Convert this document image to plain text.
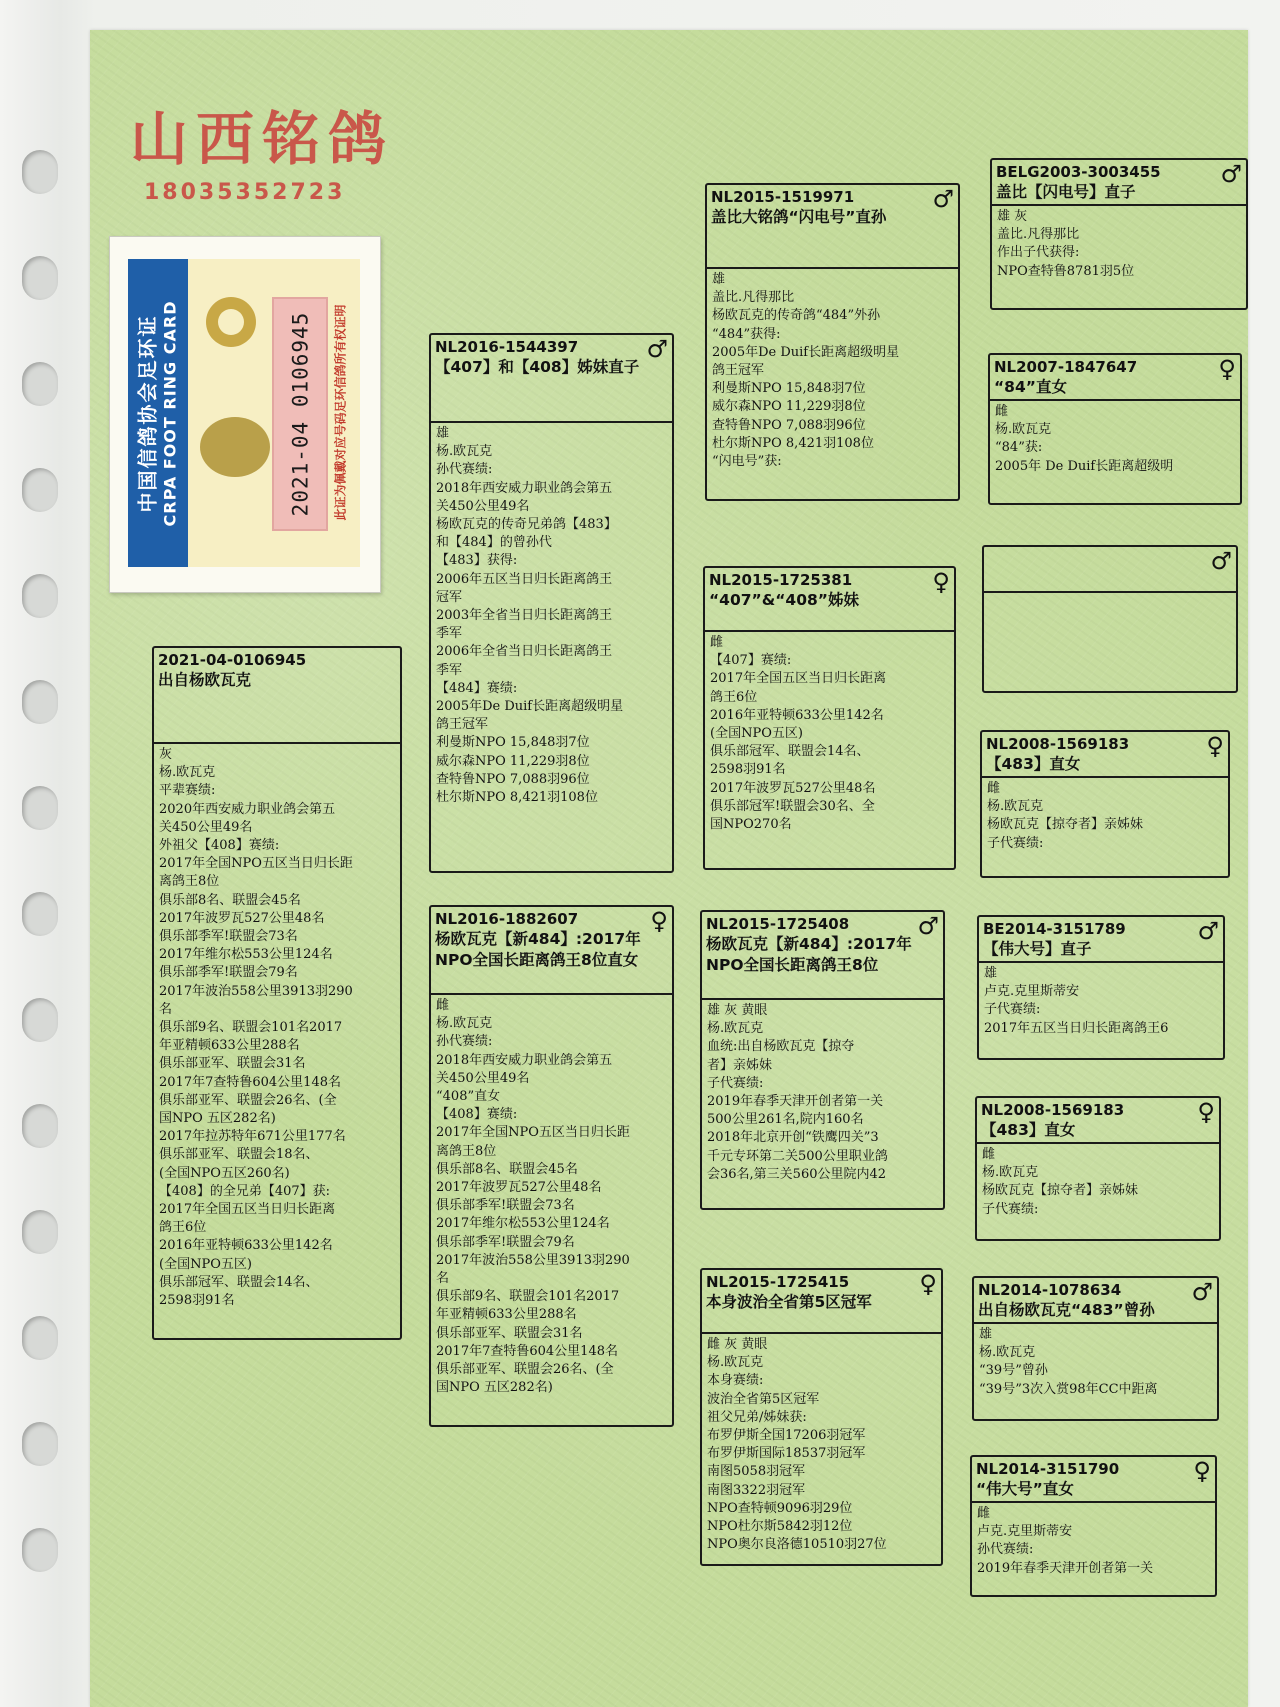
山西铭鸽
18035352723
中国信鸽协会足环证 CRPA FOOT RING CARD	2021-04 0106945 此证为佩戴对应号码足环信鸽所有权证明
2021-04-0106945
出自杨欧瓦克
灰
杨.欧瓦克
平辈赛绩:
2020年西安威力职业鸽会第五
关450公里49名
外祖父【408】赛绩:
2017年全国NPO五区当日归长距
离鸽王8位
俱乐部8名、联盟会45名
2017年波罗瓦527公里48名
俱乐部季军!联盟会73名
2017年维尔松553公里124名
俱乐部季军!联盟会79名
2017年波治558公里3913羽290
名
俱乐部9名、联盟会101名2017
年亚精顿633公里288名
俱乐部亚军、联盟会31名
2017年7查特鲁604公里148名
俱乐部亚军、联盟会26名、(全
国NPO 五区282名)
2017年拉苏特年671公里177名
俱乐部亚军、联盟会18名、
(全国NPO五区260名)
【408】的全兄弟【407】获:
2017年全国五区当日归长距离
鸽王6位
2016年亚特顿633公里142名
(全国NPO五区)
俱乐部冠军、联盟会14名、
2598羽91名
NL2016-1544397
【407】和【408】姊妹直子
♂
雄
杨.欧瓦克
孙代赛绩:
2018年西安威力职业鸽会第五
关450公里49名
杨欧瓦克的传奇兄弟鸽【483】
和【484】的曾孙代
【483】获得:
2006年五区当日归长距离鸽王
冠军
2003年全省当日归长距离鸽王
季军
2006年全省当日归长距离鸽王
季军
【484】赛绩:
2005年De Duif长距离超级明星
鸽王冠军
利曼斯NPO 15,848羽7位
威尔森NPO 11,229羽8位
查特鲁NPO 7,088羽96位
杜尔斯NPO 8,421羽108位
NL2016-1882607
杨欧瓦克【新484】:2017年NPO全国长距离鸽王8位直女
♀
雌
杨.欧瓦克
孙代赛绩:
2018年西安威力职业鸽会第五
关450公里49名
“408”直女
【408】赛绩:
2017年全国NPO五区当日归长距
离鸽王8位
俱乐部8名、联盟会45名
2017年波罗瓦527公里48名
俱乐部季军!联盟会73名
2017年维尔松553公里124名
俱乐部季军!联盟会79名
2017年波治558公里3913羽290
名
俱乐部9名、联盟会101名2017
年亚精顿633公里288名
俱乐部亚军、联盟会31名
2017年7查特鲁604公里148名
俱乐部亚军、联盟会26名、(全
国NPO 五区282名)
NL2015-1519971
盖比大铭鸽“闪电号”直孙
♂
雄
盖比.凡得那比
杨欧瓦克的传奇鸽“484”外孙
“484”获得:
2005年De Duif长距离超级明星
鸽王冠军
利曼斯NPO 15,848羽7位
威尔森NPO 11,229羽8位
查特鲁NPO 7,088羽96位
杜尔斯NPO 8,421羽108位
“闪电号”获:
NL2015-1725381
“407”&“408”姊妹
♀
雌
【407】赛绩:
2017年全国五区当日归长距离
鸽王6位
2016年亚特顿633公里142名
(全国NPO五区)
俱乐部冠军、联盟会14名、
2598羽91名
2017年波罗瓦527公里48名
俱乐部冠军!联盟会30名、全
国NPO270名
NL2015-1725408
杨欧瓦克【新484】:2017年NPO全国长距离鸽王8位
♂
雄 灰 黄眼
杨.欧瓦克
血统:出自杨欧瓦克【掠夺
者】亲姊妹
子代赛绩:
2019年春季天津开创者第一关
500公里261名,院内160名
2018年北京开创“铁鹰四关”3
千元专环第二关500公里职业鸽
会36名,第三关560公里院内42
NL2015-1725415
本身波治全省第5区冠军
♀
雌 灰 黄眼
杨.欧瓦克
本身赛绩:
波治全省第5区冠军
祖父兄弟/姊妹获:
布罗伊斯全国17206羽冠军
布罗伊斯国际18537羽冠军
南图5058羽冠军
南图3322羽冠军
NPO查特顿9096羽29位
NPO杜尔斯5842羽12位
NPO奥尔良洛德10510羽27位
BELG2003-3003455
盖比【闪电号】直子
♂
雄 灰
盖比.凡得那比
作出子代获得:
NPO查特鲁8781羽5位
NL2007-1847647
“84”直女
♀
雌
杨.欧瓦克
“84”获:
2005年 De Duif长距离超级明
♂
NL2008-1569183
【483】直女
♀
雌
杨.欧瓦克
杨欧瓦克【掠夺者】亲姊妹
子代赛绩:
BE2014-3151789
【伟大号】直子
♂
雄
卢克.克里斯蒂安
子代赛绩:
2017年五区当日归长距离鸽王6
NL2008-1569183
【483】直女
♀
雌
杨.欧瓦克
杨欧瓦克【掠夺者】亲姊妹
子代赛绩:
NL2014-1078634
出自杨欧瓦克“483”曾孙
♂
雄
杨.欧瓦克
“39号”曾孙
“39号”3次入赏98年CC中距离
NL2014-3151790
“伟大号”直女
♀
雌
卢克.克里斯蒂安
孙代赛绩:
2019年春季天津开创者第一关
